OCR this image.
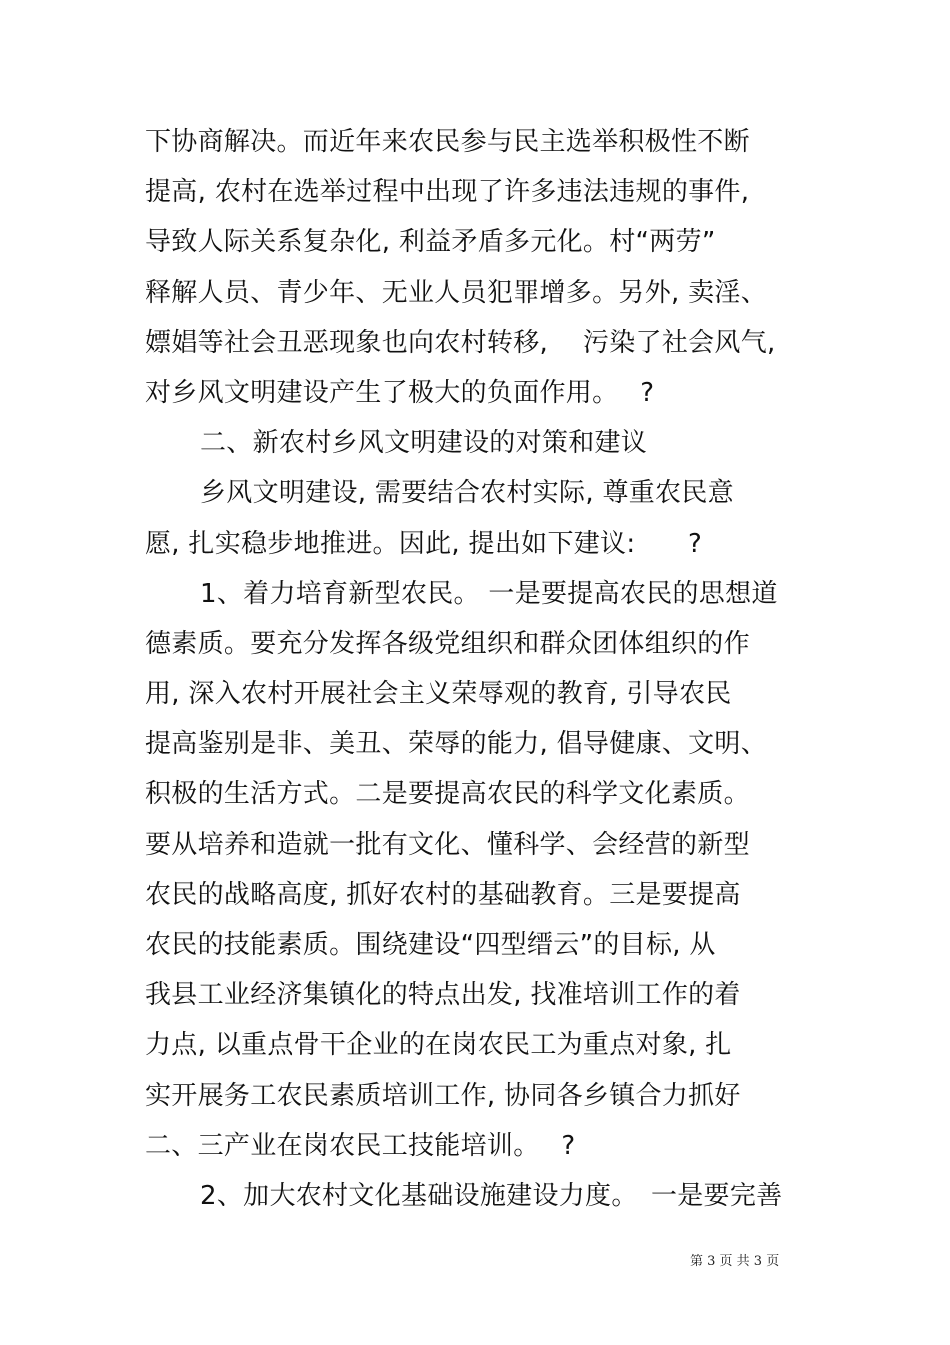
下协商解决。而近年来农民参与民主选举积极性不断
提高, 农村在选举过程中出现了许多违法违规的事件,
导致人际关系复杂化, 利益矛盾多元化。村“两劳”
释解人员、青少年、无业人员犯罪增多。另外, 卖淫、
嫖娼等社会丑恶现象也向农村转移,　 污染了社会风气,
对乡风文明建设产生了极大的负面作用。　 ?
二、新农村乡风文明建设的对策和建议
乡风文明建设, 需要结合农村实际, 尊重农民意
愿, 扎实稳步地推进。因此, 提出如下建议:　　?
1、着力培育新型农民。 一是要提高农民的思想道
德素质。要充分发挥各级党组织和群众团体组织的作
用, 深入农村开展社会主义荣辱观的教育, 引导农民
提高鉴别是非、美丑、荣辱的能力, 倡导健康、文明、
积极的生活方式。二是要提高农民的科学文化素质。
要从培养和造就一批有文化、懂科学、会经营的新型
农民的战略高度, 抓好农村的基础教育。三是要提高
农民的技能素质。围绕建设“四型缙云”的目标, 从
我县工业经济集镇化的特点出发, 找准培训工作的着
力点, 以重点骨干企业的在岗农民工为重点对象, 扎
实开展务工农民素质培训工作, 协同各乡镇合力抓好
二、三产业在岗农民工技能培训。　 ?
2、加大农村文化基础设施建设力度。　一是要完善
第 3 页 共 3 页
